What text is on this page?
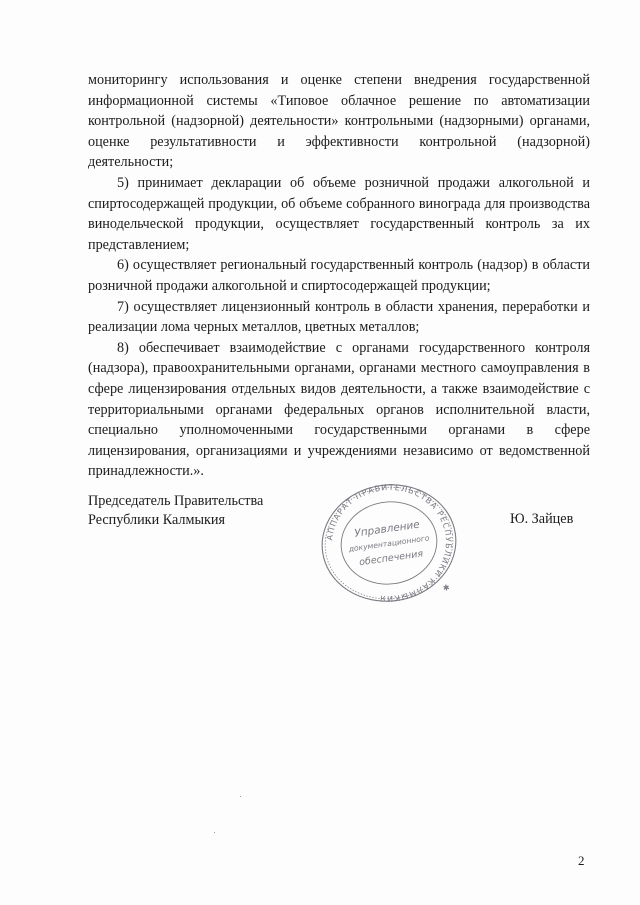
мониторингу использования и оценке степени внедрения государственной информационной системы «Типовое облачное решение по автоматизации контрольной (надзорной) деятельности» контрольными (надзорными) органами, оценке результативности и эффективности контрольной (надзорной) деятельности;

5) принимает декларации об объеме розничной продажи алкогольной и спиртосодержащей продукции, об объеме собранного винограда для производства винодельческой продукции, осуществляет государственный контроль за их представлением;

6) осуществляет региональный государственный контроль (надзор) в области розничной продажи алкогольной и спиртосодержащей продукции;

7) осуществляет лицензионный контроль в области хранения, переработки и реализации лома черных металлов, цветных металлов;

8) обеспечивает взаимодействие с органами государственного контроля (надзора), правоохранительными органами, органами местного самоуправления в сфере лицензирования отдельных видов деятельности, а также взаимодействие с территориальными органами федеральных органов исполнительной власти, специально уполномоченными государственными органами в сфере лицензирования, организациями и учреждениями независимо от ведомственной принадлежности.».

Председатель Правительства
Республики Калмыкия
АППАРАТ ПРАВИТЕЛЬСТВА РЕСПУБЛИКИ КАЛМЫКИЯ
✱
Управление
документационного
обеспечения
Ю. Зайцев
2
